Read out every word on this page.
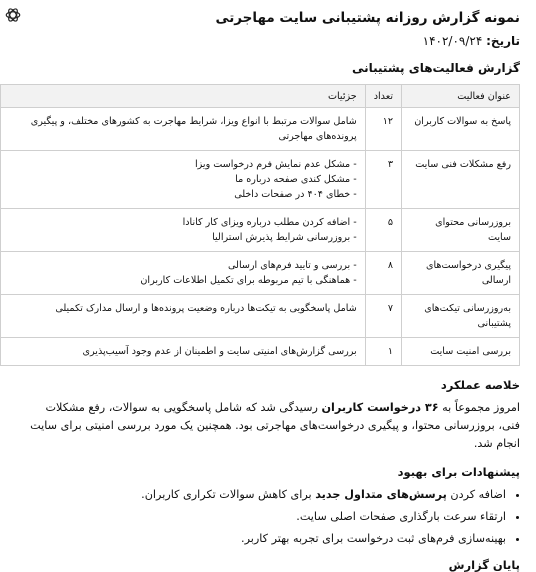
نمونه گزارش روزانه پشتیبانی سایت مهاجرتی
تاریخ: ۱۴۰۲/۰۹/۲۴
گزارش فعالیت‌های پشتیبانی
عنوان فعالیت	تعداد	جزئیات
پاسخ به سوالات کاربران	۱۲	شامل سوالات مرتبط با انواع ویزا، شرایط مهاجرت به کشورهای مختلف، و پیگیری پرونده‌های مهاجرتی
رفع مشکلات فنی سایت	۳	- مشکل عدم نمایش فرم درخواست ویزا
- مشکل کندی صفحه درباره ما
- خطای ۴۰۴ در صفحات داخلی

بروزرسانی محتوای سایت	۵	- اضافه کردن مطلب درباره ویزای کار کانادا
- بروزرسانی شرایط پذیرش استرالیا

پیگیری درخواست‌های ارسالی	۸	- بررسی و تایید فرم‌های ارسالی
- هماهنگی با تیم مربوطه برای تکمیل اطلاعات کاربران

به‌روزرسانی تیکت‌های پشتیبانی	۷	شامل پاسخگویی به تیکت‌ها درباره وضعیت پرونده‌ها و ارسال مدارک تکمیلی
بررسی امنیت سایت	۱	بررسی گزارش‌های امنیتی سایت و اطمینان از عدم وجود آسیب‌پذیری
خلاصه عملکرد
امروز مجموعاً به ۳۶ درخواست کاربران رسیدگی شد که شامل پاسخگویی به سوالات، رفع مشکلات فنی، بروزرسانی محتوا، و پیگیری درخواست‌های مهاجرتی بود. همچنین یک مورد بررسی امنیتی برای سایت انجام شد.
پیشنهادات برای بهبود
• اضافه کردن پرسش‌های متداول جدید برای کاهش سوالات تکراری کاربران.
• ارتقاء سرعت بارگذاری صفحات اصلی سایت.
• بهینه‌سازی فرم‌های ثبت درخواست برای تجربه بهتر کاربر.
پایان گزارش
